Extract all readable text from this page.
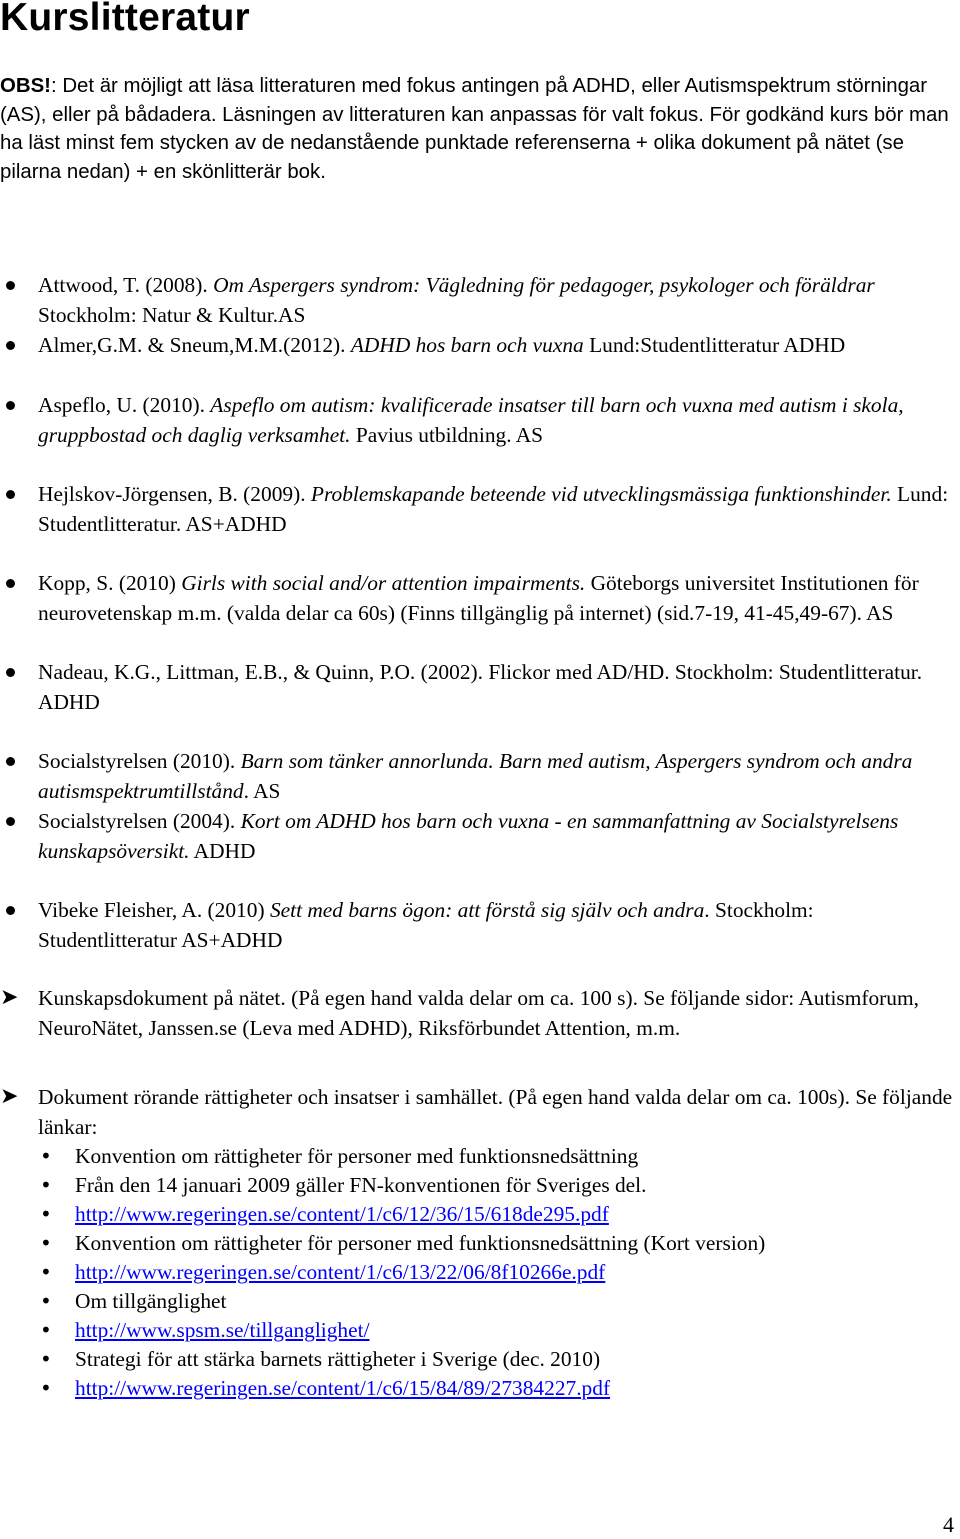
Kurslitteratur
OBS!: Det är möjligt att läsa litteraturen med fokus antingen på ADHD, eller Autismspektrum störningar (AS), eller på bådadera. Läsningen av litteraturen kan anpassas för valt fokus. För godkänd kurs bör man ha läst minst fem stycken av de nedanstående punktade referenserna + olika dokument på nätet (se pilarna nedan) + en skönlitterär bok.
Attwood, T. (2008). Om Aspergers syndrom: Vägledning för pedagoger, psykologer och föräldrar Stockholm: Natur & Kultur.AS
Almer,G.M. & Sneum,M.M.(2012). ADHD hos barn och vuxna Lund:Studentlitteratur ADHD
Aspeflo, U. (2010). Aspeflo om autism: kvalificerade insatser till barn och vuxna med autism i skola, gruppbostad och daglig verksamhet. Pavius utbildning. AS
Hejlskov-Jörgensen, B. (2009). Problemskapande beteende vid utvecklingsmässiga funktionshinder. Lund: Studentlitteratur. AS+ADHD
Kopp, S. (2010) Girls with social and/or attention impairments. Göteborgs universitet Institutionen för neurovetenskap m.m. (valda delar ca 60s) (Finns tillgänglig på internet) (sid.7-19, 41-45,49-67). AS
Nadeau, K.G., Littman, E.B., & Quinn, P.O. (2002). Flickor med AD/HD. Stockholm: Studentlitteratur. ADHD
Socialstyrelsen (2010). Barn som tänker annorlunda. Barn med autism, Aspergers syndrom och andra autismspektrumtillstånd. AS
Socialstyrelsen (2004). Kort om ADHD hos barn och vuxna - en sammanfattning av Socialstyrelsens kunskapsöversikt. ADHD
Vibeke Fleisher, A. (2010) Sett med barns ögon: att förstå sig själv och andra. Stockholm: Studentlitteratur AS+ADHD
➤ Kunskapsdokument på nätet. (På egen hand valda delar om ca. 100 s). Se följande sidor: Autismforum, NeuroNätet, Janssen.se (Leva med ADHD), Riksförbundet Attention, m.m.
➤ Dokument rörande rättigheter och insatser i samhället. (På egen hand valda delar om ca. 100s). Se följande länkar:
• Konvention om rättigheter för personer med funktionsnedsättning
• Från den 14 januari 2009 gäller FN-konventionen för Sveriges del.
• http://www.regeringen.se/content/1/c6/12/36/15/618de295.pdf
• Konvention om rättigheter för personer med funktionsnedsättning (Kort version)
• http://www.regeringen.se/content/1/c6/13/22/06/8f10266e.pdf
• Om tillgänglighet
• http://www.spsm.se/tillganglighet/
• Strategi för att stärka barnets rättigheter i Sverige (dec. 2010)
• http://www.regeringen.se/content/1/c6/15/84/89/27384227.pdf
4
